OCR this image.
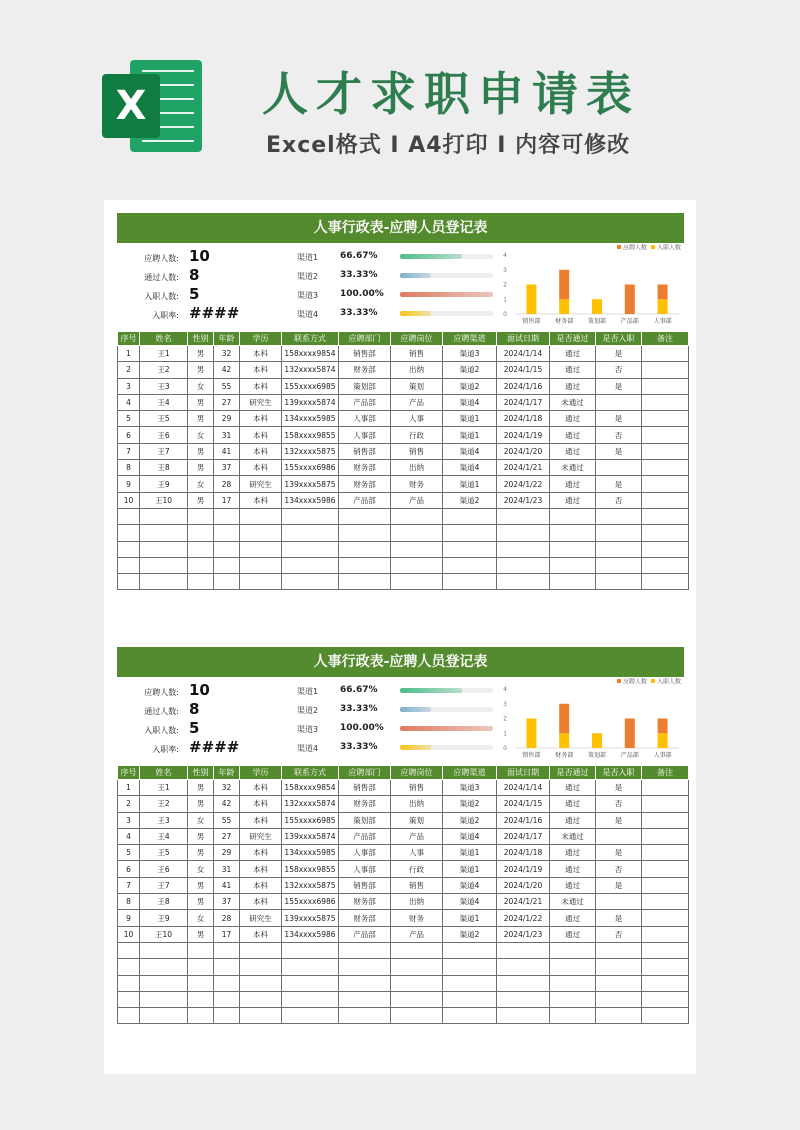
X	人才求职申请表
Excel格式 I A4打印 I 内容可修改
人事行政表-应聘人员登记表
应聘人数: 10
通过人数: 8
入职人数: 5
入职率: ####
渠道1 66.67%
渠道2 33.33%
渠道3 100.00%
渠道4 33.33%
应聘人数 入职人数
0
1
2
3
4
销售部 财务部 策划部 产品部 人事部
序号	姓名	性别	年龄	学历	联系方式	应聘部门	应聘岗位	应聘渠道	面试日期	是否通过	是否入职	备注
1	王1	男	32	本科	158xxxx9854	销售部	销售	渠道3	2024/1/14	通过	是	
2	王2	男	42	本科	132xxxx5874	财务部	出纳	渠道2	2024/1/15	通过	否	
3	王3	女	55	本科	155xxxx6985	策划部	策划	渠道2	2024/1/16	通过	是	
4	王4	男	27	研究生	139xxxx5874	产品部	产品	渠道4	2024/1/17	未通过		
5	王5	男	29	本科	134xxxx5985	人事部	人事	渠道1	2024/1/18	通过	是	
6	王6	女	31	本科	158xxxx9855	人事部	行政	渠道1	2024/1/19	通过	否	
7	王7	男	41	本科	132xxxx5875	销售部	销售	渠道4	2024/1/20	通过	是	
8	王8	男	37	本科	155xxxx6986	财务部	出纳	渠道4	2024/1/21	未通过		
9	王9	女	28	研究生	139xxxx5875	财务部	财务	渠道1	2024/1/22	通过	是	
10	王10	男	17	本科	134xxxx5986	产品部	产品	渠道2	2024/1/23	通过	否	

人事行政表-应聘人员登记表
应聘人数: 10
通过人数: 8
入职人数: 5
入职率: ####
渠道1 66.67%
渠道2 33.33%
渠道3 100.00%
渠道4 33.33%
应聘人数 入职人数
0
1
2
3
4
销售部 财务部 策划部 产品部 人事部
序号	姓名	性别	年龄	学历	联系方式	应聘部门	应聘岗位	应聘渠道	面试日期	是否通过	是否入职	备注
1	王1	男	32	本科	158xxxx9854	销售部	销售	渠道3	2024/1/14	通过	是	
2	王2	男	42	本科	132xxxx5874	财务部	出纳	渠道2	2024/1/15	通过	否	
3	王3	女	55	本科	155xxxx6985	策划部	策划	渠道2	2024/1/16	通过	是	
4	王4	男	27	研究生	139xxxx5874	产品部	产品	渠道4	2024/1/17	未通过		
5	王5	男	29	本科	134xxxx5985	人事部	人事	渠道1	2024/1/18	通过	是	
6	王6	女	31	本科	158xxxx9855	人事部	行政	渠道1	2024/1/19	通过	否	
7	王7	男	41	本科	132xxxx5875	销售部	销售	渠道4	2024/1/20	通过	是	
8	王8	男	37	本科	155xxxx6986	财务部	出纳	渠道4	2024/1/21	未通过		
9	王9	女	28	研究生	139xxxx5875	财务部	财务	渠道1	2024/1/22	通过	是	
10	王10	男	17	本科	134xxxx5986	产品部	产品	渠道2	2024/1/23	通过	否	
